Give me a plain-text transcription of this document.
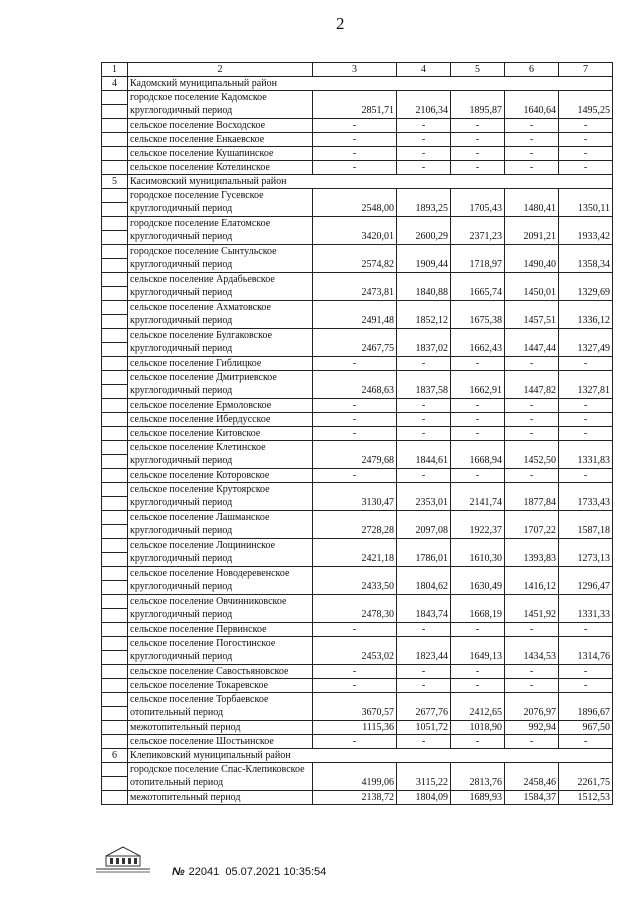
2
1	2	3	4	5	6	7
4	Кадомский муниципальный район					
	городское поселение Кадомское					
	круглогодичный период	2851,71	2106,34	1895,87	1640,64	1495,25
	сельское поселение Восходское	-	-	-	-	-
	сельское поселение Енкаевское	-	-	-	-	-
	сельское поселение Кушапинское	-	-	-	-	-
	сельское поселение Котелинское	-	-	-	-	-
5	Касимовский муниципальный район					
	городское поселение Гусевское					
	круглогодичный период	2548,00	1893,25	1705,43	1480,41	1350,11
	городское поселение Елатомское					
	круглогодичный период	3420,01	2600,29	2371,23	2091,21	1933,42
	городское поселение Сынтульское					
	круглогодичный период	2574,82	1909,44	1718,97	1490,40	1358,34
	сельское поселение Ардабьевское					
	круглогодичный период	2473,81	1840,88	1665,74	1450,01	1329,69
	сельское поселение Ахматовское					
	круглогодичный период	2491,48	1852,12	1675,38	1457,51	1336,12
	сельское поселение Булгаковское					
	круглогодичный период	2467,75	1837,02	1662,43	1447,44	1327,49
	сельское поселение Гиблицкое	-	-	-	-	-
	сельское поселение Дмитриевское					
	круглогодичный период	2468,63	1837,58	1662,91	1447,82	1327,81
	сельское поселение Ермоловское	-	-	-	-	-
	сельское поселение Ибердусское	-	-	-	-	-
	сельское поселение Китовское	-	-	-	-	-
	сельское поселение Клетинское					
	круглогодичный период	2479,68	1844,61	1668,94	1452,50	1331,83
	сельское поселение Которовское	-	-	-	-	-
	сельское поселение Крутоярское					
	круглогодичный период	3130,47	2353,01	2141,74	1877,84	1733,43
	сельское поселение Лашманское					
	круглогодичный период	2728,28	2097,08	1922,37	1707,22	1587,18
	сельское поселение Лощининское					
	круглогодичный период	2421,18	1786,01	1610,30	1393,83	1273,13
	сельское поселение Новодеревенское					
	круглогодичный период	2433,50	1804,62	1630,49	1416,12	1296,47
	сельское поселение Овчинниковское					
	круглогодичный период	2478,30	1843,74	1668,19	1451,92	1331,33
	сельское поселение Первинское	-	-	-	-	-
	сельское поселение Погостинское					
	круглогодичный период	2453,02	1823,44	1649,13	1434,53	1314,76
	сельское поселение Савостьяновское	-	-	-	-	-
	сельское поселение Токаревское	-	-	-	-	-
	сельское поселение Торбаевское					
	отопительный период	3670,57	2677,76	2412,65	2076,97	1896,67
	межотопительный период	1115,36	1051,72	1018,90	992,94	967,50
	сельское поселение Шостьинское	-	-	-	-	-
6	Клепиковский муниципальный район					
	городское поселение Спас-Клепиковское					
	отопительный период	4199,06	3115,22	2813,76	2458,46	2261,75
	межотопительный период	2138,72	1804,09	1689,93	1584,37	1512,53
№ 22041 05.07.2021 10:35:54
